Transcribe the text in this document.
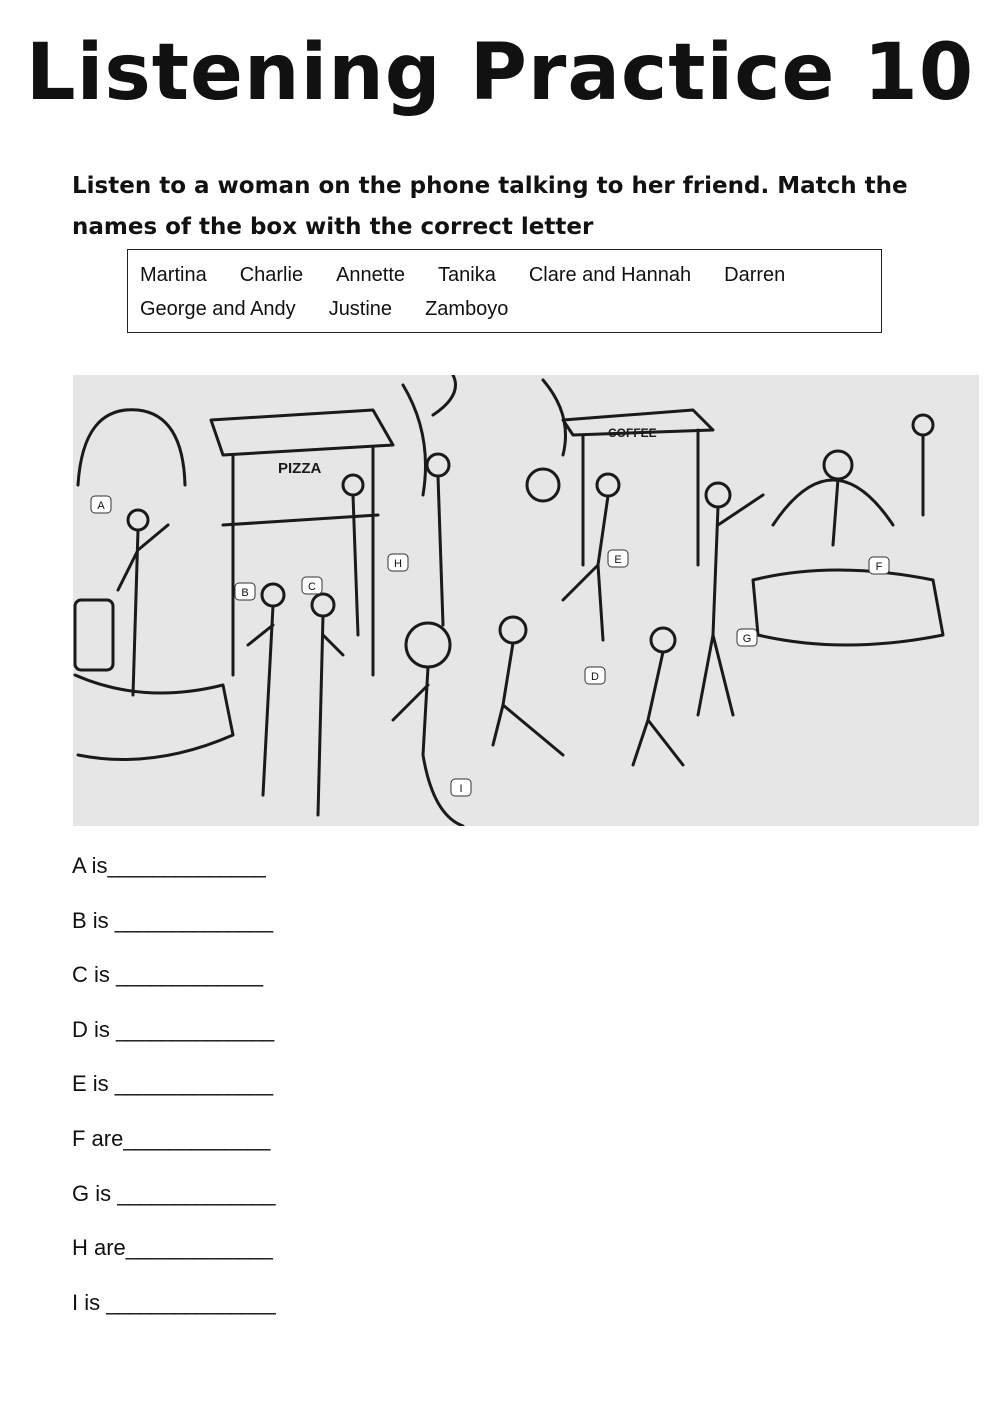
Listening Practice 10

Listen to a woman on the phone talking to her friend. Match the names of the box with the correct letter

Martina Charlie Annette Tanika Clare and Hannah Darren
George and Andy Justine Zamboyo
PIZZA
COFFEE
A
B	C
D
E
F
G
H
I
A is______________
B is ______________
C is _____________
D is ______________
E is ______________
F are_____________
G is ______________
H are_____________
I is _______________
